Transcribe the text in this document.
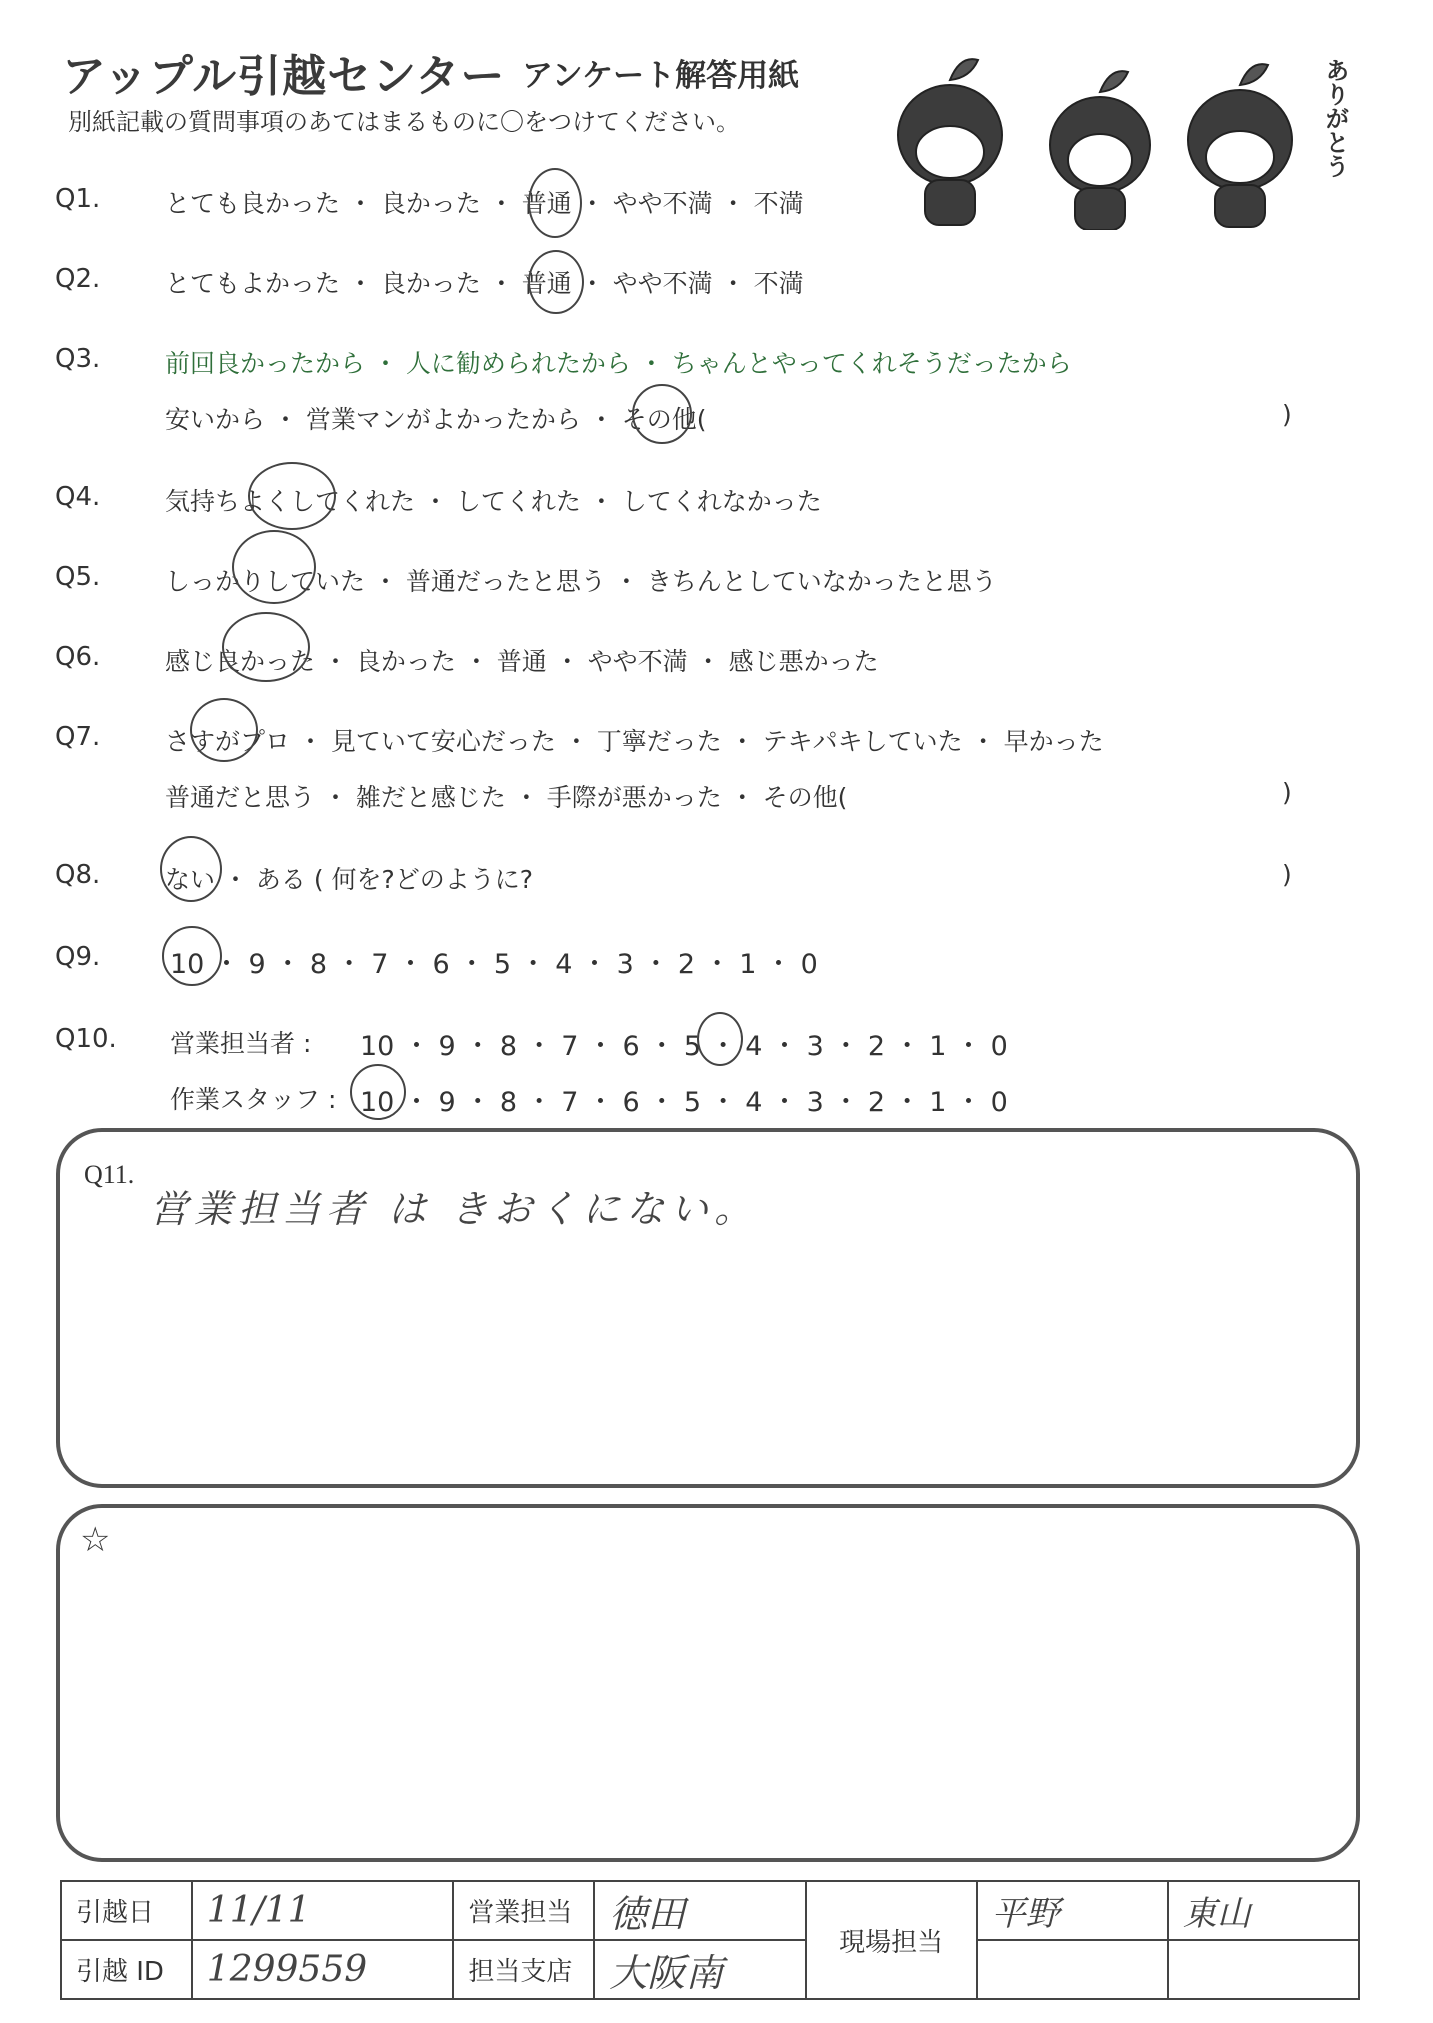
アップル引越センター アンケート解答用紙
別紙記載の質問事項のあてはまるものに〇をつけてください。	ありがとう
Q1.	とても良かった ・ 良かった ・ 普通 ・ やや不満 ・ 不満
Q2.	とてもよかった ・ 良かった ・ 普通 ・ やや不満 ・ 不満
Q3.	前回良かったから ・ 人に勧められたから ・ ちゃんとやってくれそうだったから
安いから ・ 営業マンがよかったから ・ その他(	)
Q4.	気持ちよくしてくれた ・ してくれた ・ してくれなかった
Q5.	しっかりしていた ・ 普通だったと思う ・ きちんとしていなかったと思う
Q6.	感じ良かった ・ 良かった ・ 普通 ・ やや不満 ・ 感じ悪かった
Q7.	さすがプロ ・ 見ていて安心だった ・ 丁寧だった ・ テキパキしていた ・ 早かった
普通だと思う ・ 雑だと感じた ・ 手際が悪かった ・ その他(	)
Q8.	ない ・ ある ( 何を?どのように?	)
Q9.	10 ・ 9 ・ 8 ・ 7 ・ 6 ・ 5 ・ 4 ・ 3 ・ 2 ・ 1 ・ 0
Q10. 営業担当者 : 10 ・ 9 ・ 8 ・ 7 ・ 6 ・ 5 ・ 4 ・ 3 ・ 2 ・ 1 ・ 0
作業スタッフ : 10 ・ 9 ・ 8 ・ 7 ・ 6 ・ 5 ・ 4 ・ 3 ・ 2 ・ 1 ・ 0
Q11.
営業担当者 は きおくにない。
☆
引越日	11/11	営業担当	徳田	現場担当	平野	東山
引越 ID	1299559	担当支店	大阪南			
